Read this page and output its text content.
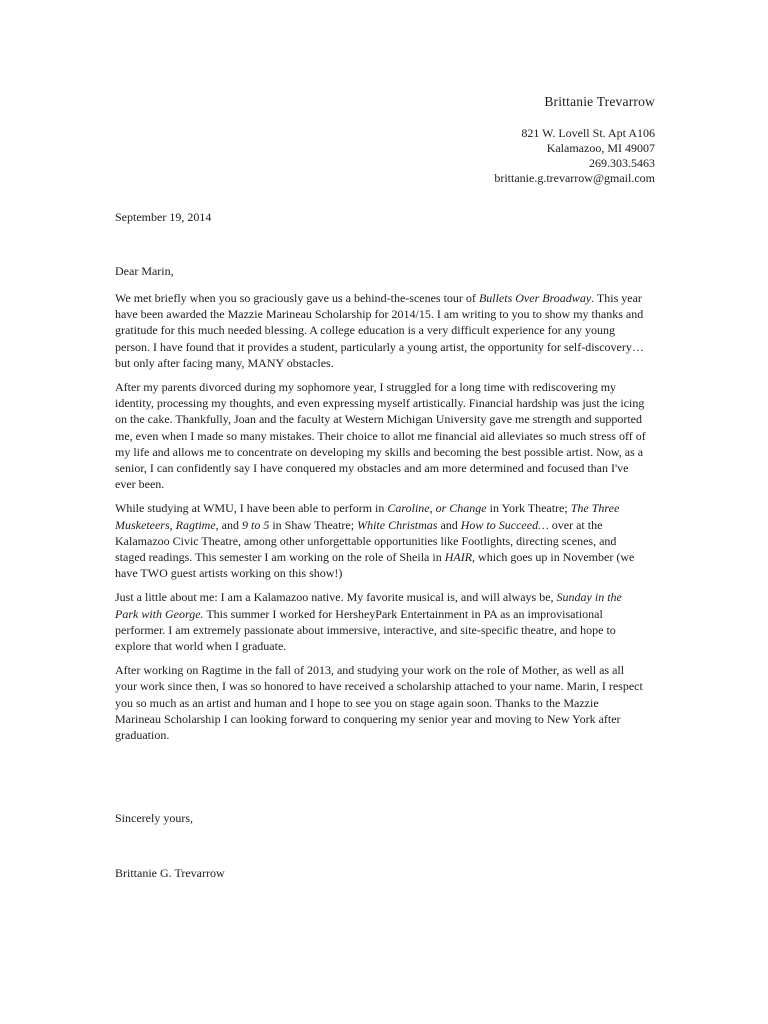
Brittanie Trevarrow
821 W. Lovell St. Apt A106
Kalamazoo, MI 49007
269.303.5463
brittanie.g.trevarrow@gmail.com
September 19, 2014
Dear Marin,

We met briefly when you so graciously gave us a behind-the-scenes tour of Bullets Over Broadway. This year have been awarded the Mazzie Marineau Scholarship for 2014/15. I am writing to you to show my thanks and gratitude for this much needed blessing. A college education is a very difficult experience for any young person. I have found that it provides a student, particularly a young artist, the opportunity for self-discovery…but only after facing many, MANY obstacles.

After my parents divorced during my sophomore year, I struggled for a long time with rediscovering my identity, processing my thoughts, and even expressing myself artistically. Financial hardship was just the icing on the cake. Thankfully, Joan and the faculty at Western Michigan University gave me strength and supported me, even when I made so many mistakes. Their choice to allot me financial aid alleviates so much stress off of my life and allows me to concentrate on developing my skills and becoming the best possible artist. Now, as a senior, I can confidently say I have conquered my obstacles and am more determined and focused than I've ever been.

While studying at WMU, I have been able to perform in Caroline, or Change in York Theatre; The Three Musketeers, Ragtime, and 9 to 5 in Shaw Theatre; White Christmas and How to Succeed… over at the Kalamazoo Civic Theatre, among other unforgettable opportunities like Footlights, directing scenes, and staged readings. This semester I am working on the role of Sheila in HAIR, which goes up in November (we have TWO guest artists working on this show!)

Just a little about me: I am a Kalamazoo native. My favorite musical is, and will always be, Sunday in the Park with George. This summer I worked for HersheyPark Entertainment in PA as an improvisational performer. I am extremely passionate about immersive, interactive, and site-specific theatre, and hope to explore that world when I graduate.

After working on Ragtime in the fall of 2013, and studying your work on the role of Mother, as well as all your work since then, I was so honored to have received a scholarship attached to your name. Marin, I respect you so much as an artist and human and I hope to see you on stage again soon. Thanks to the Mazzie Marineau Scholarship I can looking forward to conquering my senior year and moving to New York after graduation.

Sincerely yours,
Brittanie G. Trevarrow
